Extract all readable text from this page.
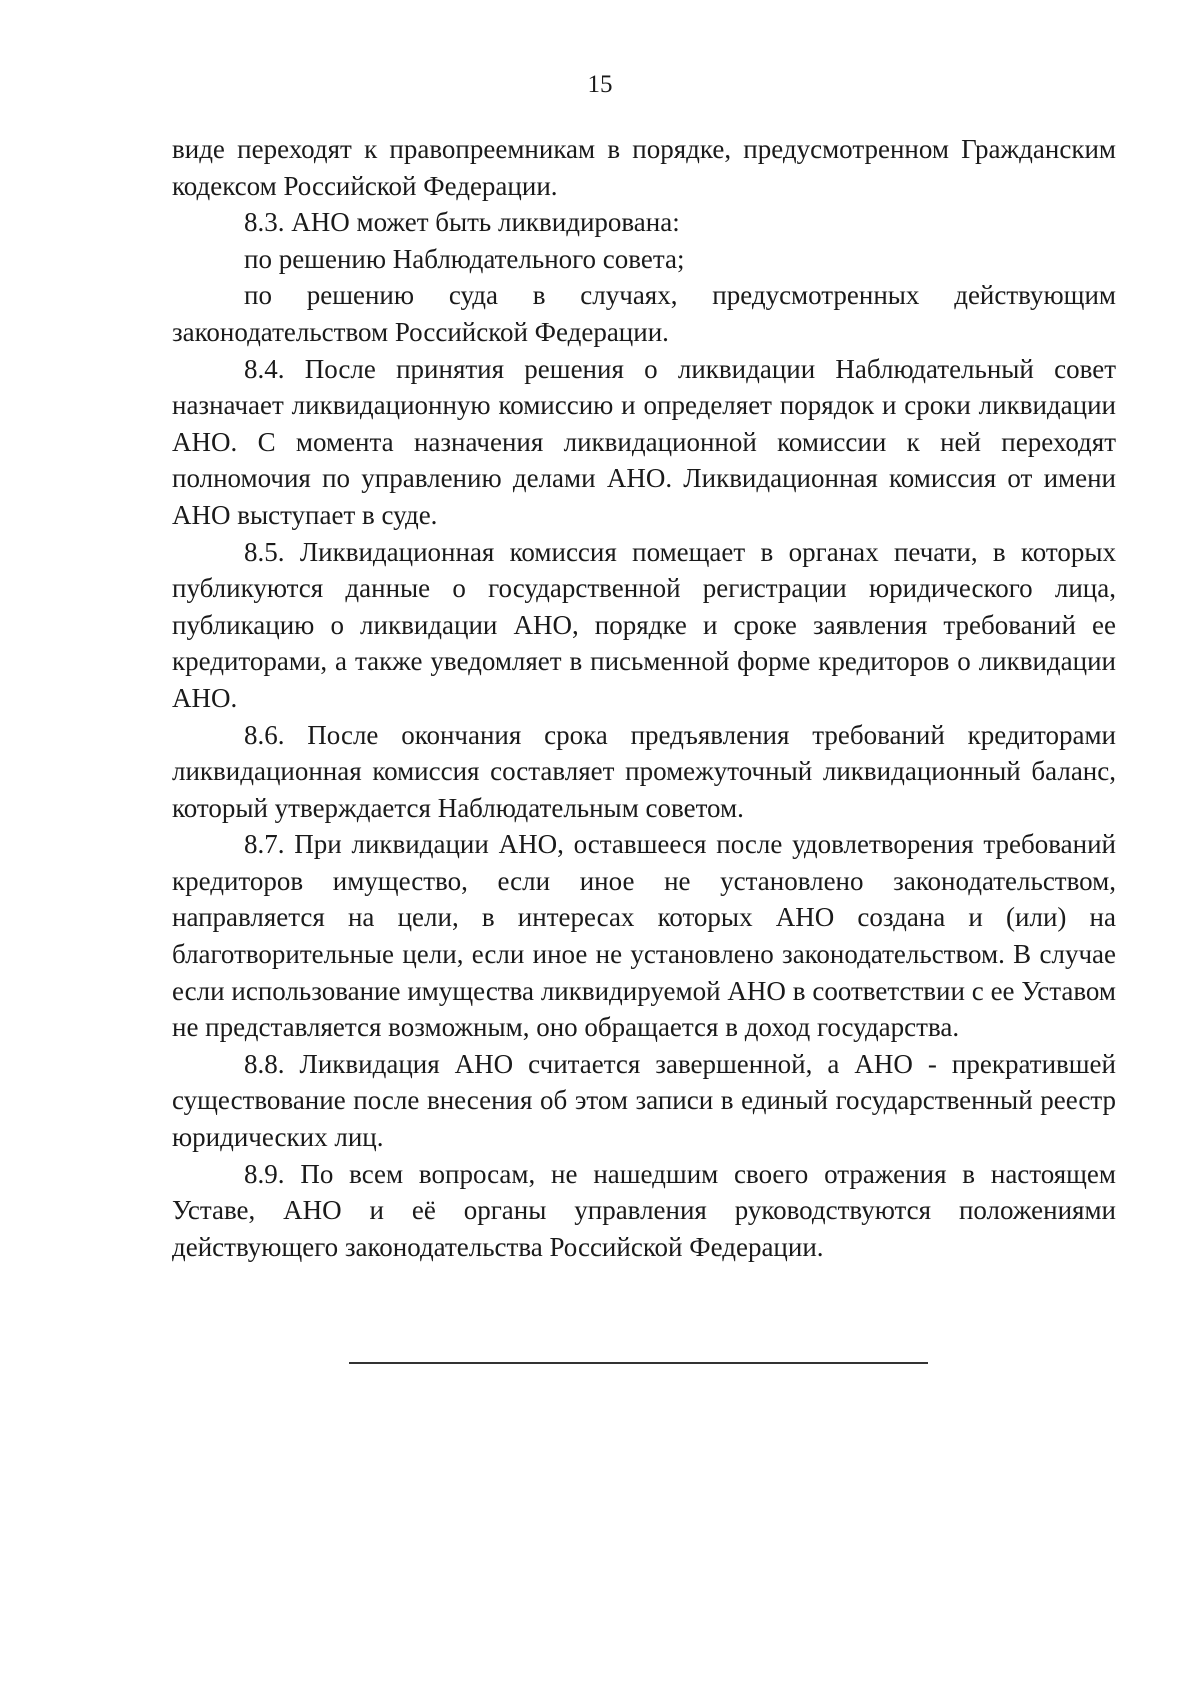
15

виде переходят к правопреемникам в порядке, предусмотренном Гражданским кодексом Российской Федерации.

8.3. АНО может быть ликвидирована:

по решению Наблюдательного совета;

по решению суда в случаях, предусмотренных действующим законодательством Российской Федерации.

8.4. После принятия решения о ликвидации Наблюдательный совет назначает ликвидационную комиссию и определяет порядок и сроки ликвидации АНО. С момента назначения ликвидационной комиссии к ней переходят полномочия по управлению делами АНО. Ликвидационная комиссия от имени АНО выступает в суде.

8.5. Ликвидационная комиссия помещает в органах печати, в которых публикуются данные о государственной регистрации юридического лица, публикацию о ликвидации АНО, порядке и сроке заявления требований ее кредиторами, а также уведомляет в письменной форме кредиторов о ликвидации АНО.

8.6. После окончания срока предъявления требований кредиторами ликвидационная комиссия составляет промежуточный ликвидационный баланс, который утверждается Наблюдательным советом.

8.7. При ликвидации АНО, оставшееся после удовлетворения требований кредиторов имущество, если иное не установлено законодательством, направляется на цели, в интересах которых АНО создана и (или) на благотворительные цели, если иное не установлено законодательством. В случае если использование имущества ликвидируемой АНО в соответствии с ее Уставом не представляется возможным, оно обращается в доход государства.

8.8. Ликвидация АНО считается завершенной, а АНО - прекратившей существование после внесения об этом записи в единый государственный реестр юридических лиц.

8.9. По всем вопросам, не нашедшим своего отражения в настоящем Уставе, АНО и её органы управления руководствуются положениями действующего законодательства Российской Федерации.
